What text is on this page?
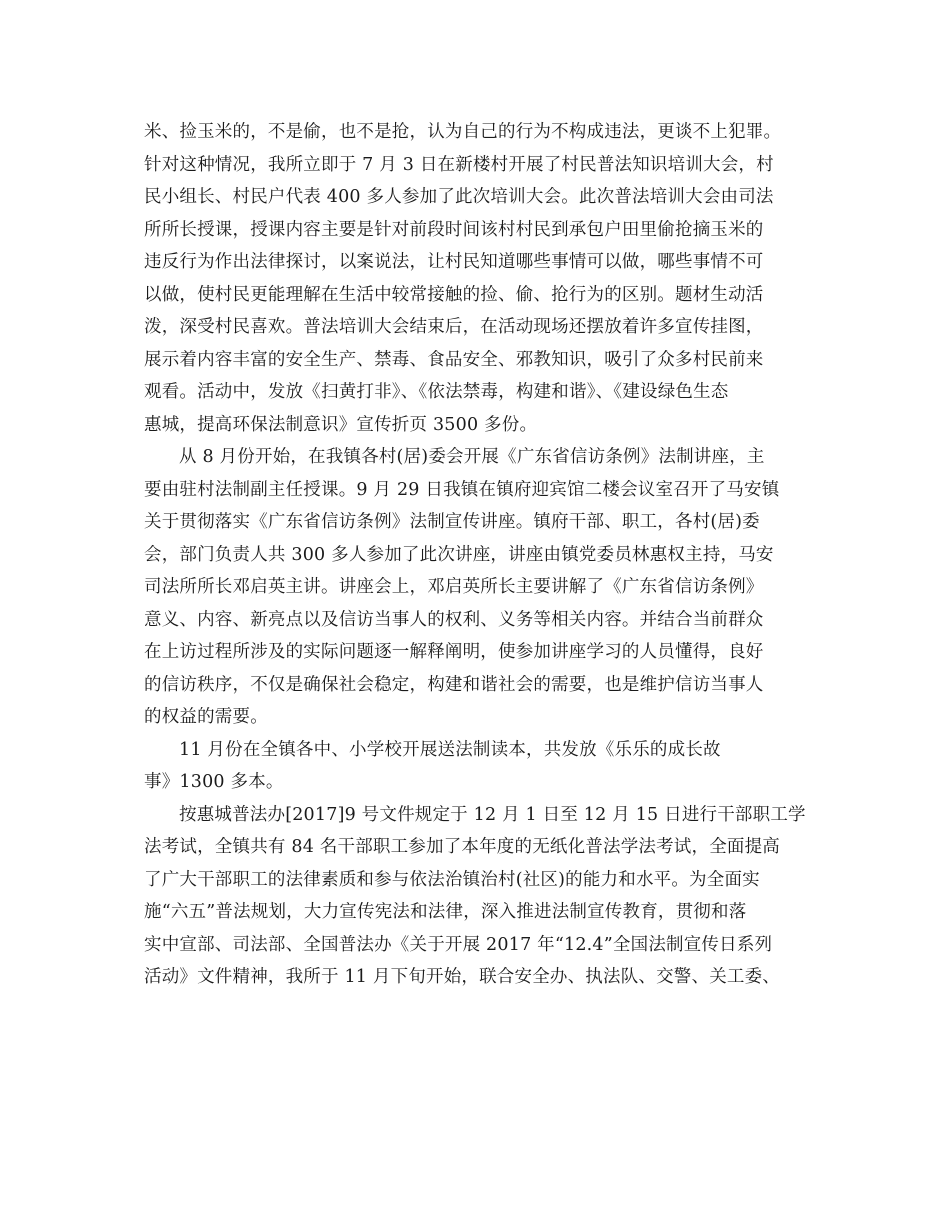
米、捡玉米的，不是偷，也不是抢，认为自己的行为不构成违法，更谈不上犯罪。
针对这种情况，我所立即于 7 月 3 日在新楼村开展了村民普法知识培训大会，村
民小组长、村民户代表 400 多人参加了此次培训大会。此次普法培训大会由司法
所所长授课，授课内容主要是针对前段时间该村村民到承包户田里偷抢摘玉米的
违反行为作出法律探讨，以案说法，让村民知道哪些事情可以做，哪些事情不可
以做，使村民更能理解在生活中较常接触的捡、偷、抢行为的区别。题材生动活
泼，深受村民喜欢。普法培训大会结束后，在活动现场还摆放着许多宣传挂图，
展示着内容丰富的安全生产、禁毒、食品安全、邪教知识，吸引了众多村民前来
观看。活动中，发放《扫黄打非》、《依法禁毒，构建和谐》、《建设绿色生态
惠城，提高环保法制意识》宣传折页 3500 多份。

从 8 月份开始，在我镇各村(居)委会开展《广东省信访条例》法制讲座，主
要由驻村法制副主任授课。9 月 29 日我镇在镇府迎宾馆二楼会议室召开了马安镇
关于贯彻落实《广东省信访条例》法制宣传讲座。镇府干部、职工，各村(居)委
会，部门负责人共 300 多人参加了此次讲座，讲座由镇党委员林惠权主持，马安
司法所所长邓启英主讲。讲座会上，邓启英所长主要讲解了《广东省信访条例》
意义、内容、新亮点以及信访当事人的权利、义务等相关内容。并结合当前群众
在上访过程所涉及的实际问题逐一解释阐明，使参加讲座学习的人员懂得，良好
的信访秩序，不仅是确保社会稳定，构建和谐社会的需要，也是维护信访当事人
的权益的需要。

11 月份在全镇各中、小学校开展送法制读本，共发放《乐乐的成长故
事》1300 多本。

按惠城普法办[2017]9 号文件规定于 12 月 1 日至 12 月 15 日进行干部职工学
法考试，全镇共有 84 名干部职工参加了本年度的无纸化普法学法考试，全面提高
了广大干部职工的法律素质和参与依法治镇治村(社区)的能力和水平。为全面实
施“六五”普法规划，大力宣传宪法和法律，深入推进法制宣传教育，贯彻和落
实中宣部、司法部、全国普法办《关于开展 2017 年“12.4”全国法制宣传日系列
活动》文件精神，我所于 11 月下旬开始，联合安全办、执法队、交警、关工委、
